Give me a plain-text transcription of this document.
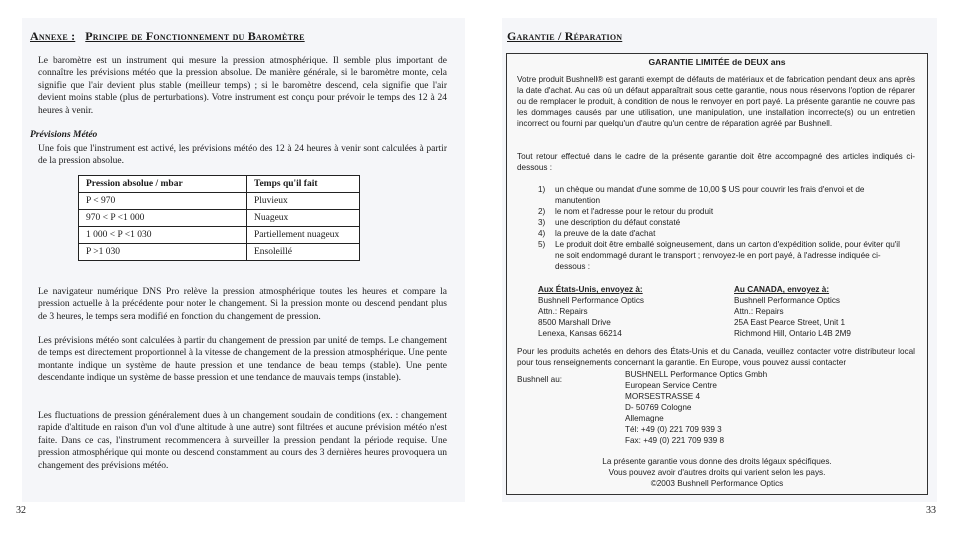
Annexe : Principe de Fonctionnement du Baromètre

Le baromètre est un instrument qui mesure la pression atmosphérique. Il semble plus important de connaître les prévisions météo que la pression absolue. De manière générale, si le baromètre monte, cela signifie que l'air devient plus stable (meilleur temps) ; si le baromètre descend, cela signifie que l'air devient moins stable (plus de perturbations). Votre instrument est conçu pour prévoir le temps des 12 à 24 heures à venir.

Prévisions Météo

Une fois que l'instrument est activé, les prévisions météo des 12 à 24 heures à venir sont calculées à partir de la pression absolue.

Pression absolue / mbar	Temps qu'il fait
P < 970	Pluvieux
970 < P <1 000	Nuageux
1 000 < P <1 030	Partiellement nuageux
P >1 030	Ensoleillé

Le navigateur numérique DNS Pro relève la pression atmosphérique toutes les heures et compare la pression actuelle à la précédente pour noter le changement. Si la pression monte ou descend pendant plus de 3 heures, le temps sera modifié en fonction du changement de pression.

Les prévisions météo sont calculées à partir du changement de pression par unité de temps. Le changement de temps est directement proportionnel à la vitesse de changement de la pression atmosphérique. Une pente montante indique un système de haute pression et une tendance de beau temps (stable). Une pente descendante indique un système de basse pression et une tendance de mauvais temps (instable).

Les fluctuations de pression généralement dues à un changement soudain de conditions (ex. : changement rapide d'altitude en raison d'un vol d'une altitude à une autre) sont filtrées et aucune prévision météo n'est faite. Dans ce cas, l'instrument recommencera à surveiller la pression pendant la période requise. Une pression atmosphérique qui monte ou descend constamment au cours des 3 dernières heures provoquera un changement des prévisions météo.

32
Garantie / Réparation
33
GARANTIE LIMITÉE de DEUX ans

Votre produit Bushnell® est garanti exempt de défauts de matériaux et de fabrication pendant deux ans après la date d'achat. Au cas où un défaut apparaîtrait sous cette garantie, nous nous réservons l'option de réparer ou de remplacer le produit, à condition de nous le renvoyer en port payé. La présente garantie ne couvre pas les dommages causés par une utilisation, une manipulation, une installation incorrecte(s) ou un entretien incorrect ou fourni par quelqu'un d'autre qu'un centre de réparation agréé par Bushnell.

Tout retour effectué dans le cadre de la présente garantie doit être accompagné des articles indiqués ci-dessous :

1) un chèque ou mandat d'une somme de 10,00 $ US pour couvrir les frais d'envoi et de manutention
2) le nom et l'adresse pour le retour du produit
3) une description du défaut constaté
4) la preuve de la date d'achat
5) Le produit doit être emballé soigneusement, dans un carton d'expédition solide, pour éviter qu'il ne soit endommagé durant le transport ; renvoyez-le en port payé, à l'adresse indiquée ci-dessous :
Aux États-Unis, envoyez à:
Bushnell Performance Optics
Attn.: Repairs
8500 Marshall Drive
Lenexa, Kansas 66214
Au CANADA, envoyez à:
Bushnell Performance Optics
Attn.: Repairs
25A East Pearce Street, Unit 1
Richmond Hill, Ontario L4B 2M9

Pour les produits achetés en dehors des États-Unis et du Canada, veuillez contacter votre distributeur local pour tous renseignements concernant la garantie. En Europe, vous pouvez aussi contacter

Bushnell au:
BUSHNELL Performance Optics Gmbh
European Service Centre
MORSESTRASSE 4
D- 50769 Cologne
Allemagne
Tél: +49 (0) 221 709 939 3
Fax: +49 (0) 221 709 939 8
La présente garantie vous donne des droits légaux spécifiques.
Vous pouvez avoir d'autres droits qui varient selon les pays.
©2003 Bushnell Performance Optics
